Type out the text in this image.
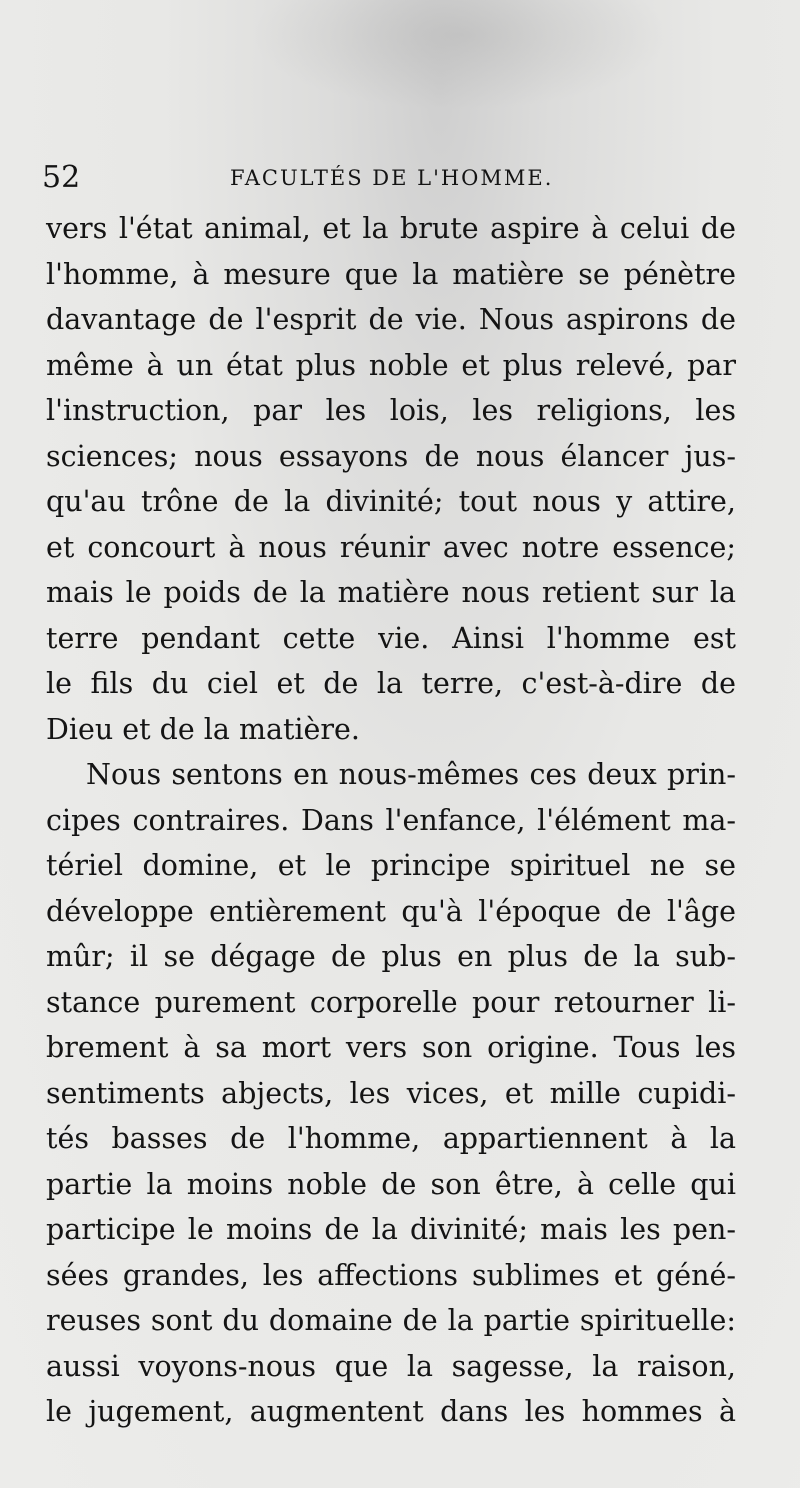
52	FACULTÉS DE L'HOMME.
vers l'état animal, et la brute aspire à celui de
l'homme, à mesure que la matière se pénètre
davantage de l'esprit de vie. Nous aspirons de
même à un état plus noble et plus relevé, par
l'instruction, par les lois, les religions, les
sciences; nous essayons de nous élancer jus-
qu'au trône de la divinité; tout nous y attire,
et concourt à nous réunir avec notre essence;
mais le poids de la matière nous retient sur la
terre pendant cette vie. Ainsi l'homme est
le fils du ciel et de la terre, c'est-à-dire de
Dieu et de la matière.
Nous sentons en nous-mêmes ces deux prin-
cipes contraires. Dans l'enfance, l'élément ma-
tériel domine, et le principe spirituel ne se
développe entièrement qu'à l'époque de l'âge
mûr; il se dégage de plus en plus de la sub-
stance purement corporelle pour retourner li-
brement à sa mort vers son origine. Tous les
sentiments abjects, les vices, et mille cupidi-
tés basses de l'homme, appartiennent à la
partie la moins noble de son être, à celle qui
participe le moins de la divinité; mais les pen-
sées grandes, les affections sublimes et géné-
reuses sont du domaine de la partie spirituelle:
aussi voyons-nous que la sagesse, la raison,
le jugement, augmentent dans les hommes à
